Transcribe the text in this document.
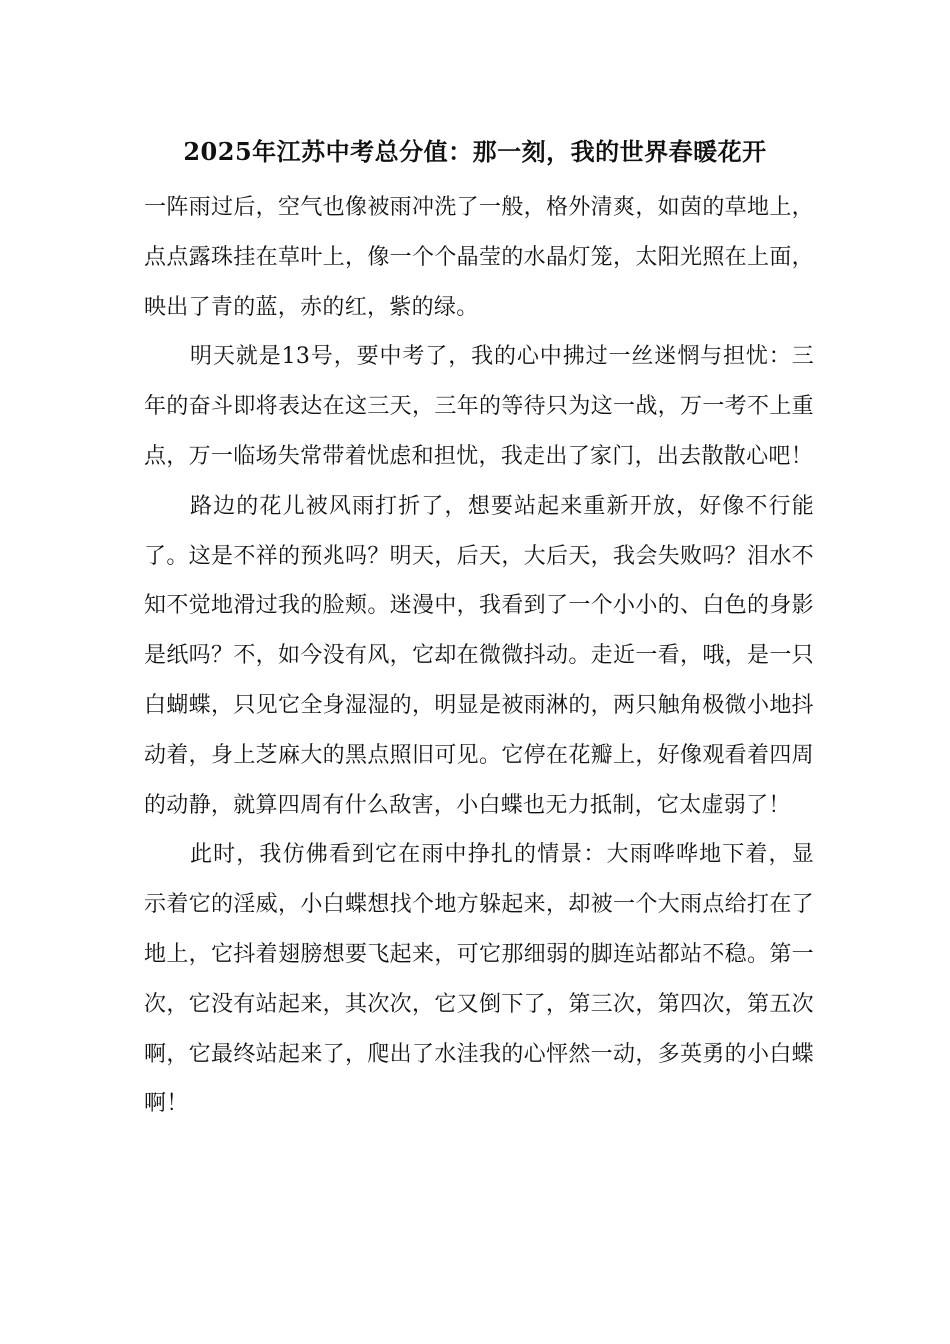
2025年江苏中考总分值：那一刻，我的世界春暖花开

一阵雨过后，空气也像被雨冲洗了一般，格外清爽，如茵的草地上，点点露珠挂在草叶上，像一个个晶莹的水晶灯笼，太阳光照在上面，映出了青的蓝，赤的红，紫的绿。

明天就是13号，要中考了，我的心中拂过一丝迷惘与担忧：三年的奋斗即将表达在这三天，三年的等待只为这一战，万一考不上重点，万一临场失常带着忧虑和担忧，我走出了家门，出去散散心吧！

路边的花儿被风雨打折了，想要站起来重新开放，好像不行能了。这是不祥的预兆吗？明天，后天，大后天，我会失败吗？泪水不知不觉地滑过我的脸颊。迷漫中，我看到了一个小小的、白色的身影是纸吗？不，如今没有风，它却在微微抖动。走近一看，哦，是一只白蝴蝶，只见它全身湿湿的，明显是被雨淋的，两只触角极微小地抖动着，身上芝麻大的黑点照旧可见。它停在花瓣上，好像观看着四周的动静，就算四周有什么敌害，小白蝶也无力抵制，它太虚弱了！

此时，我仿佛看到它在雨中挣扎的情景：大雨哗哗地下着，显示着它的淫威，小白蝶想找个地方躲起来，却被一个大雨点给打在了地上，它抖着翅膀想要飞起来，可它那细弱的脚连站都站不稳。第一次，它没有站起来，其次次，它又倒下了，第三次，第四次，第五次啊，它最终站起来了，爬出了水洼我的心怦然一动，多英勇的小白蝶啊！
